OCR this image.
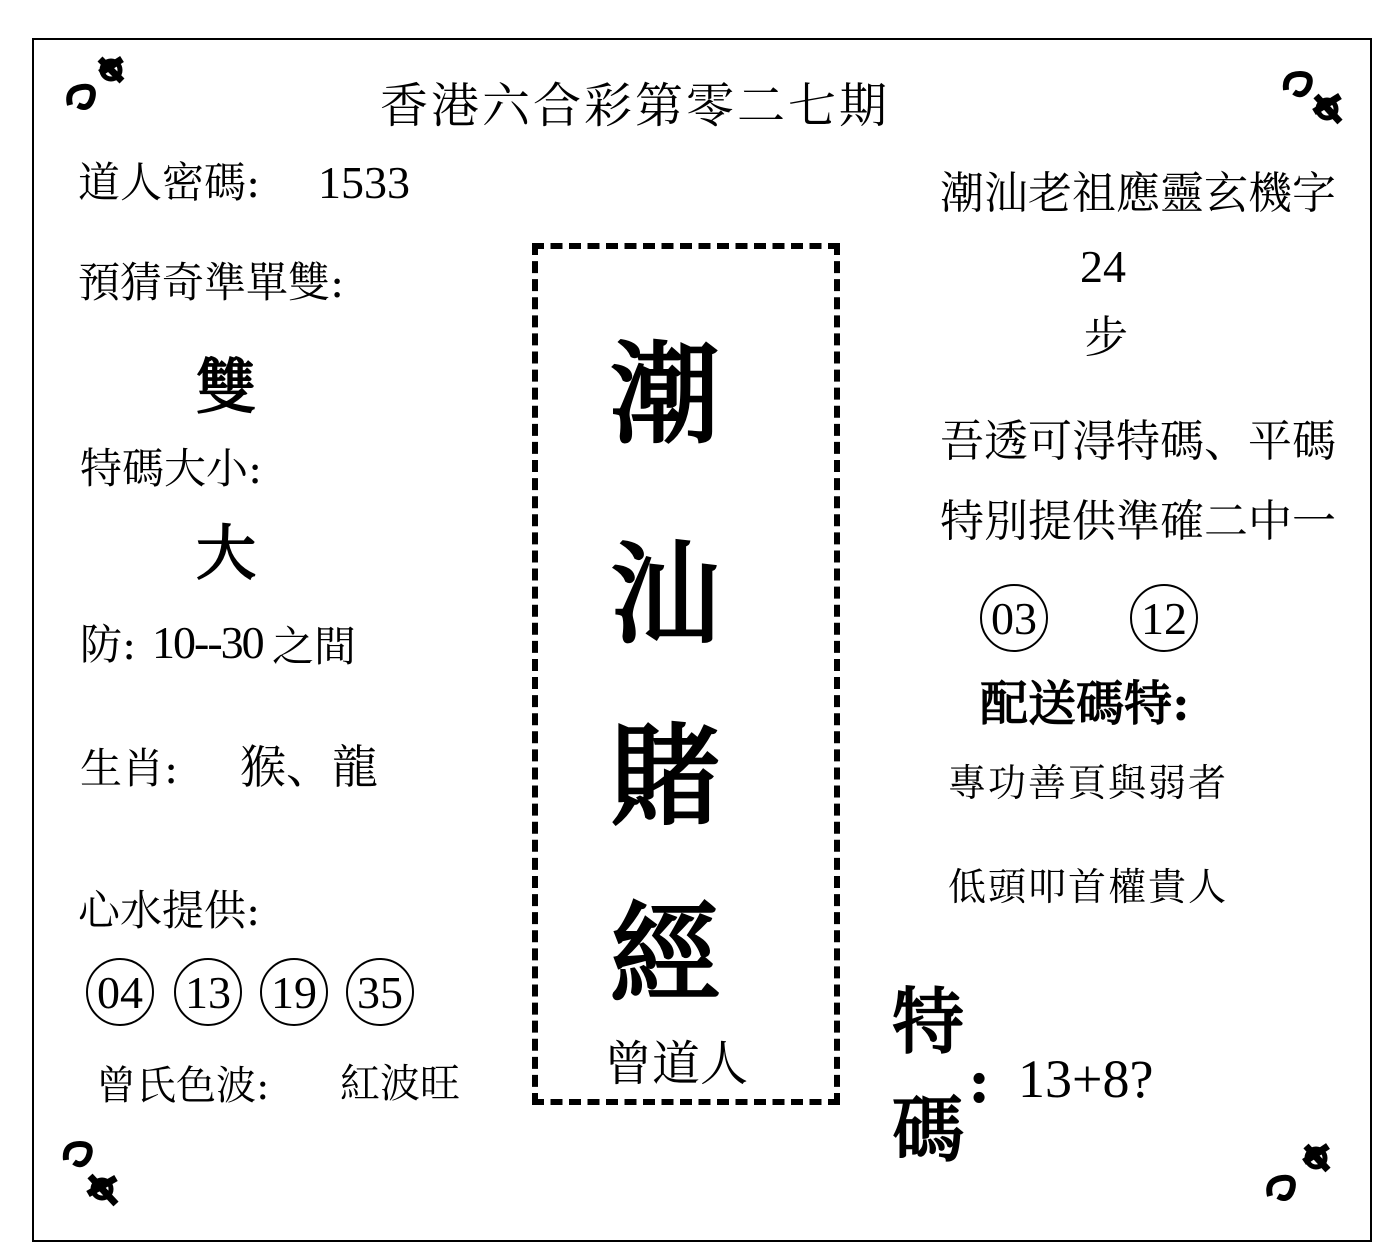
香港六合彩第零二七期
道人密碼: 1533
預猜奇準單雙:
雙
特碼大小:
大
防: 10--30 之間
生肖: 猴、龍
心水提供:
04 13 19 35
曾氏色波: 紅波旺
潮
汕
賭
經
曾道人
潮汕老祖應靈玄機字
24
步
吾透可淂特碼、平碼
特別提供準確二中一
03 12
配送碼特:
專功善頁與弱者
低頭叩首權貴人
特
碼
: 13+8?
